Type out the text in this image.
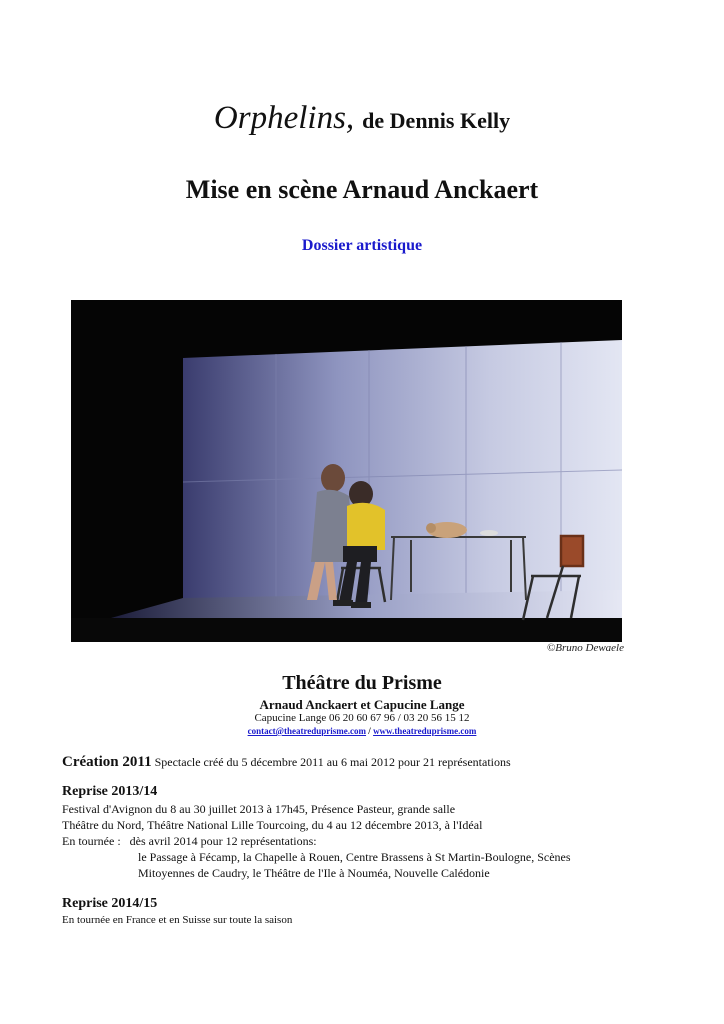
Orphelins, de Dennis Kelly
Mise en scène Arnaud Anckaert
Dossier artistique
©Bruno Dewaele
Théâtre du Prisme
Arnaud Anckaert et Capucine Lange
Capucine Lange 06 20 60 67 96 / 03 20 56 15 12
contact@theatreduprisme.com / www.theatreduprisme.com
Création 2011 Spectacle créé du 5 décembre 2011 au 6 mai 2012 pour 21 représentations
Reprise 2013/14
Festival d'Avignon du 8 au 30 juillet 2013 à 17h45, Présence Pasteur, grande salle
Théâtre du Nord, Théâtre National Lille Tourcoing, du 4 au 12 décembre 2013, à l'Idéal
En tournée : dès avril 2014 pour 12 représentations:
le Passage à Fécamp, la Chapelle à Rouen, Centre Brassens à St Martin-Boulogne, Scènes
Mitoyennes de Caudry, le Théâtre de l'Ile à Nouméa, Nouvelle Calédonie
Reprise 2014/15
En tournée en France et en Suisse sur toute la saison
